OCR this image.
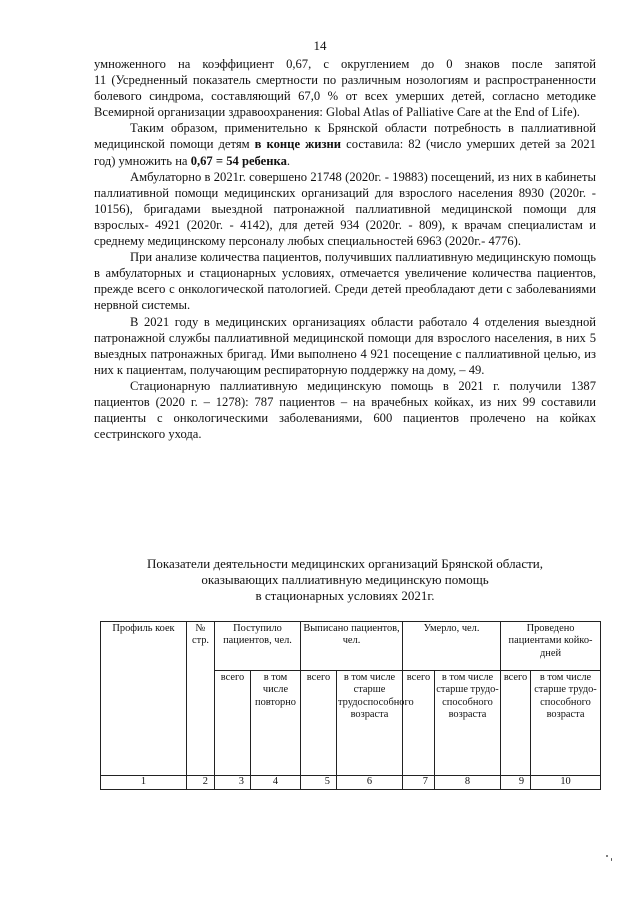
14

умноженного на коэффициент 0,67, с округлением до 0 знаков после запятой

11 (Усредненный показатель смертности по различным нозологиям и распространенности болевого синдрома, составляющий 67,0 % от всех умерших детей, согласно методике Всемирной организации здравоохранения: Global Atlas of Palliative Care at the End of Life).

Таким образом, применительно к Брянской области потребность в паллиативной медицинской помощи детям в конце жизни составила: 82 (число умерших детей за 2021 год) умножить на 0,67 = 54 ребенка.

Амбулаторно в 2021г. совершено 21748 (2020г. - 19883) посещений, из них в кабинеты паллиативной помощи медицинских организаций для взрослого населения 8930 (2020г. - 10156), бригадами выездной патронажной паллиативной медицинской помощи для взрослых- 4921 (2020г. - 4142), для детей 934 (2020г. - 809), к врачам специалистам и среднему медицинскому персоналу любых специальностей 6963 (2020г.- 4776).

При анализе количества пациентов, получивших паллиативную медицинскую помощь в амбулаторных и стационарных условиях, отмечается увеличение количества пациентов, прежде всего с онкологической патологией. Среди детей преобладают дети с заболеваниями нервной системы.

В 2021 году в медицинских организациях области работало 4 отделения выездной патронажной службы паллиативной медицинской помощи для взрослого населения, в них 5 выездных патронажных бригад. Ими выполнено 4 921 посещение с паллиативной целью, из них к пациентам, получающим респираторную поддержку на дому, – 49.

Стационарную паллиативную медицинскую помощь в 2021 г. получили 1387 пациентов (2020 г. – 1278): 787 пациентов – на врачебных койках, из них 99 составили пациенты с онкологическими заболеваниями, 600 пациентов пролечено на койках сестринского ухода.

Показатели деятельности медицинских организаций Брянской области,
оказывающих паллиативную медицинскую помощь
в стационарных условиях 2021г.
Профиль коек	№ стр.	Поступило пациентов, чел.		Выписано пациентов, чел.		Умерло, чел.		Проведено пациентами койко-дней	
		всего	в том числе повторно	всего	в том числе старше трудоспособного возраста	всего	в том числе старше трудо-способного возраста	всего	в том числе старше трудо-способного возраста
1	2	3	4	5	6	7	8	9	10
